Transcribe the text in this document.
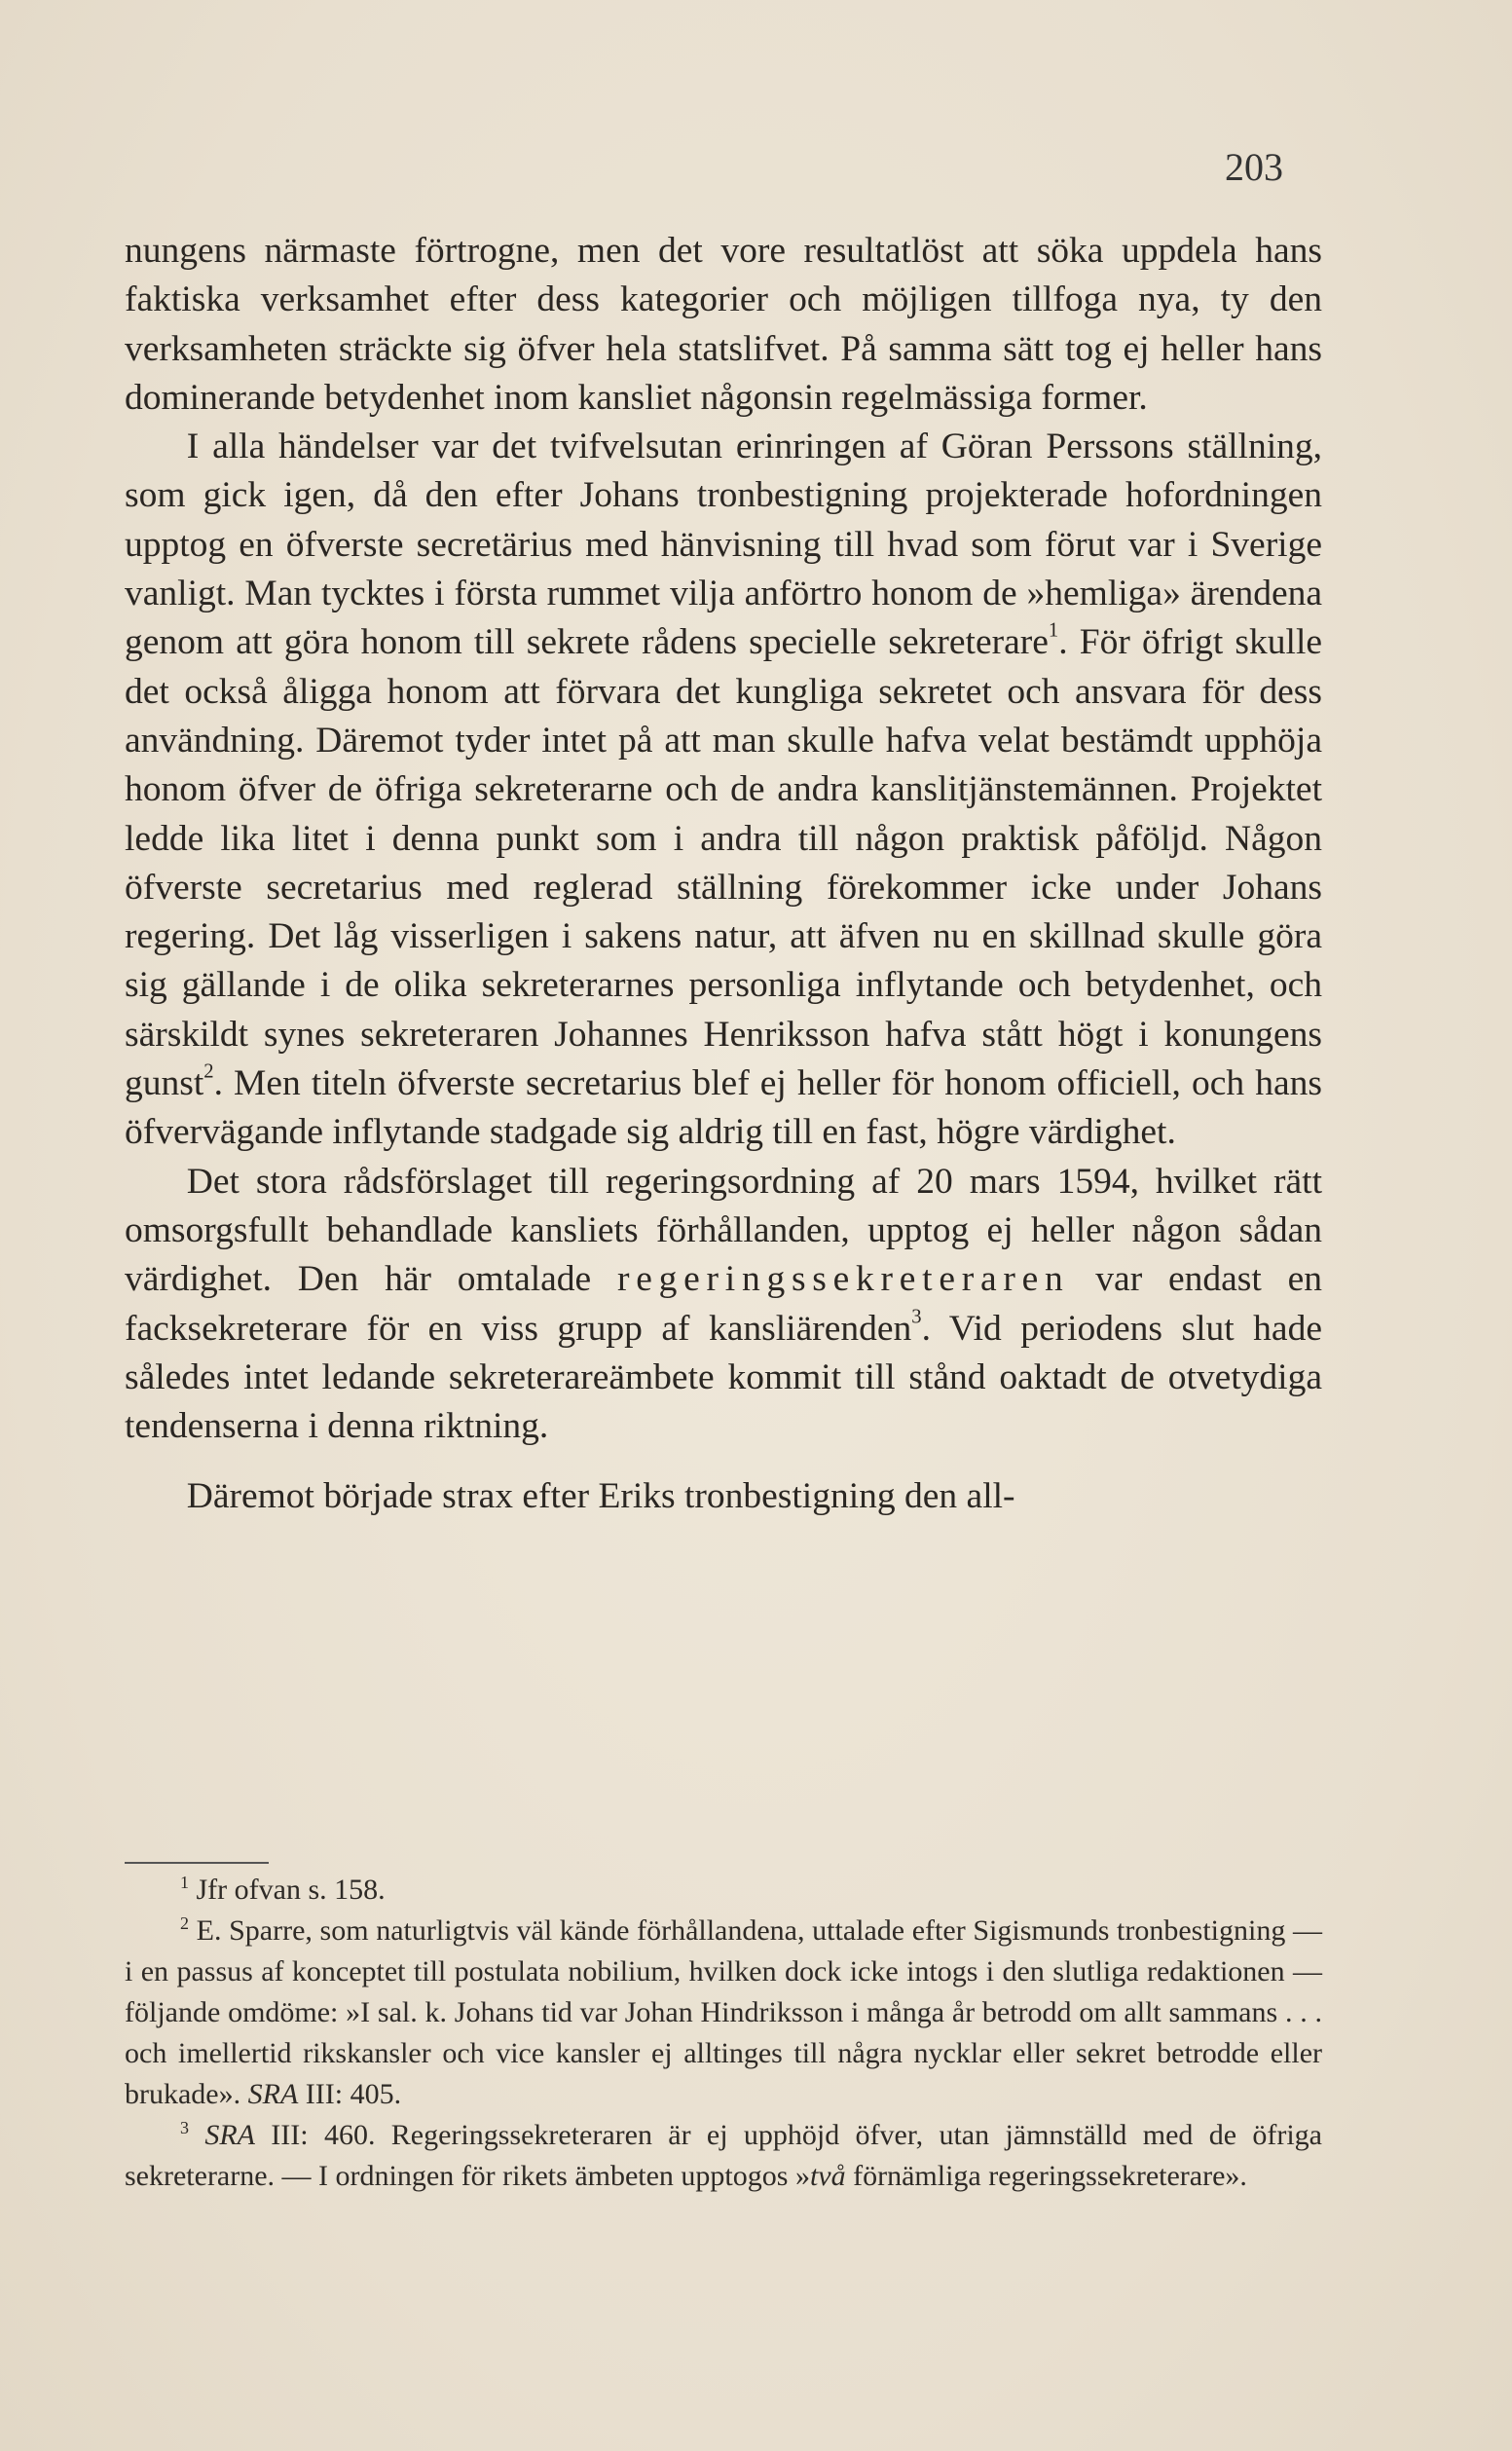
203

nungens närmaste förtrogne, men det vore resultatlöst att söka uppdela hans faktiska verksamhet efter dess kategorier och möjligen tillfoga nya, ty den verksamheten sträckte sig öfver hela statslifvet. På samma sätt tog ej heller hans dominerande betydenhet inom kansliet någonsin regelmässiga former.

I alla händelser var det tvifvelsutan erinringen af Göran Perssons ställning, som gick igen, då den efter Johans tronbestigning projekterade hofordningen upptog en öfverste secretärius med hänvisning till hvad som förut var i Sverige vanligt. Man tycktes i första rummet vilja anförtro honom de »hemliga» ärendena genom att göra honom till sekrete rådens specielle sekreterare$^1$. För öfrigt skulle det också åligga honom att förvara det kungliga sekretet och ansvara för dess användning. Däremot tyder intet på att man skulle hafva velat bestämdt upphöja honom öfver de öfriga sekreterarne och de andra kanslitjänstemännen. Projektet ledde lika litet i denna punkt som i andra till någon praktisk påföljd. Någon öfverste secretarius med reglerad ställning förekommer icke under Johans regering. Det låg visserligen i sakens natur, att äfven nu en skillnad skulle göra sig gällande i de olika sekreterarnes personliga inflytande och betydenhet, och särskildt synes sekreteraren Johannes Henriksson hafva stått högt i konungens gunst$^2$. Men titeln öfverste secretarius blef ej heller för honom officiell, och hans öfvervägande inflytande stadgade sig aldrig till en fast, högre värdighet.

Det stora rådsförslaget till regeringsordning af 20 mars 1594, hvilket rätt omsorgsfullt behandlade kansliets förhållanden, upptog ej heller någon sådan värdighet. Den här omtalade regeringssekreteraren var endast en facksekreterare för en viss grupp af kansliärenden$^3$. Vid periodens slut hade således intet ledande sekreterareämbete kommit till stånd oaktadt de otvetydiga tendenserna i denna riktning.

Däremot började strax efter Eriks tronbestigning den all-

$^1$ Jfr ofvan s. 158.

$^2$ E. Sparre, som naturligtvis väl kände förhållandena, uttalade efter Sigismunds tronbestigning — i en passus af konceptet till postulata nobilium, hvilken dock icke intogs i den slutliga redaktionen — följande omdöme: »I sal. k. Johans tid var Johan Hindriksson i många år betrodd om allt sammans . . . och imellertid rikskansler och vice kansler ej alltinges till några nycklar eller sekret betrodde eller brukade». SRA III: 405.

$^3$ SRA III: 460. Regeringssekreteraren är ej upphöjd öfver, utan jämnställd med de öfriga sekreterarne. — I ordningen för rikets ämbeten upptogos »två förnämliga regeringssekreterare».
